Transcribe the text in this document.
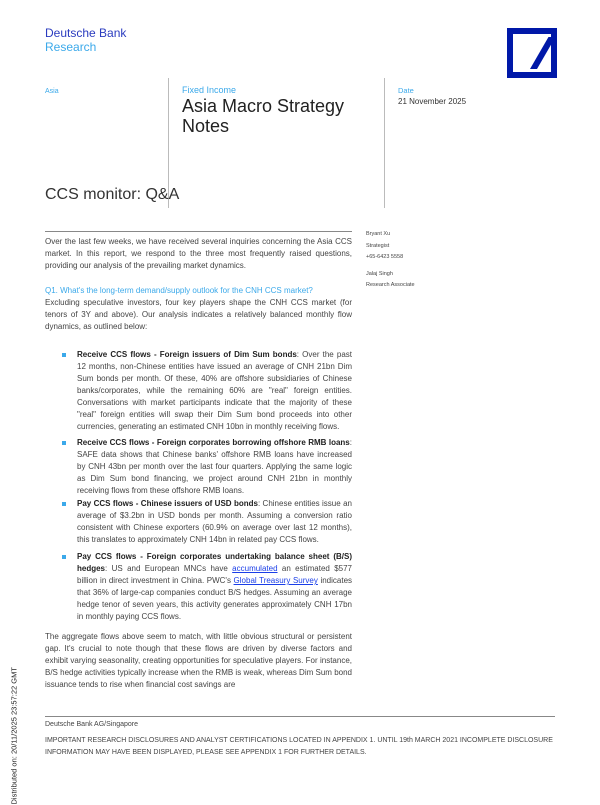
Deutsche Bank
Research
Asia	Fixed Income
Asia Macro Strategy Notes
Date
21 November 2025
CCS monitor: Q&A
Bryant Xu
Strategist
+65-6423 5558
Jalaj Singh
Research Associate
Over the last few weeks, we have received several inquiries concerning the Asia CCS market. In this report, we respond to the three most frequently raised questions, providing our analysis of the prevailing market dynamics.
Q1. What's the long-term demand/supply outlook for the CNH CCS market?
Excluding speculative investors, four key players shape the CNH CCS market (for tenors of 3Y and above). Our analysis indicates a relatively balanced monthly flow dynamics, as outlined below:
Receive CCS flows - Foreign issuers of Dim Sum bonds: Over the past 12 months, non-Chinese entities have issued an average of CNH 21bn Dim Sum bonds per month. Of these, 40% are offshore subsidiaries of Chinese banks/corporates, while the remaining 60% are "real" foreign entities. Conversations with market participants indicate that the majority of these "real" foreign entities will swap their Dim Sum bond proceeds into other currencies, generating an estimated CNH 10bn in monthly receiving flows.
Receive CCS flows - Foreign corporates borrowing offshore RMB loans: SAFE data shows that Chinese banks' offshore RMB loans have increased by CNH 43bn per month over the last four quarters. Applying the same logic as Dim Sum bond financing, we project around CNH 21bn in monthly receiving flows from these offshore RMB loans.
Pay CCS flows - Chinese issuers of USD bonds: Chinese entities issue an average of $3.2bn in USD bonds per month. Assuming a conversion ratio consistent with Chinese exporters (60.9% on average over last 12 months), this translates to approximately CNH 14bn in related pay CCS flows.
Pay CCS flows - Foreign corporates undertaking balance sheet (B/S) hedges: US and European MNCs have accumulated an estimated $577 billion in direct investment in China. PWC's Global Treasury Survey indicates that 36% of large-cap companies conduct B/S hedges. Assuming an average hedge tenor of seven years, this activity generates approximately CNH 17bn in monthly paying CCS flows.
The aggregate flows above seem to match, with little obvious structural or persistent gap. It's crucial to note though that these flows are driven by diverse factors and exhibit varying seasonality, creating opportunities for speculative players. For instance, B/S hedge activities typically increase when the RMB is weak, whereas Dim Sum bond issuance tends to rise when financial cost savings are
Deutsche Bank AG/Singapore
IMPORTANT RESEARCH DISCLOSURES AND ANALYST CERTIFICATIONS LOCATED IN APPENDIX 1. UNTIL 19th MARCH 2021 INCOMPLETE DISCLOSURE INFORMATION MAY HAVE BEEN DISPLAYED, PLEASE SEE APPENDIX 1 FOR FURTHER DETAILS.
Distributed on: 20/11/2025 23:57:22 GMT
